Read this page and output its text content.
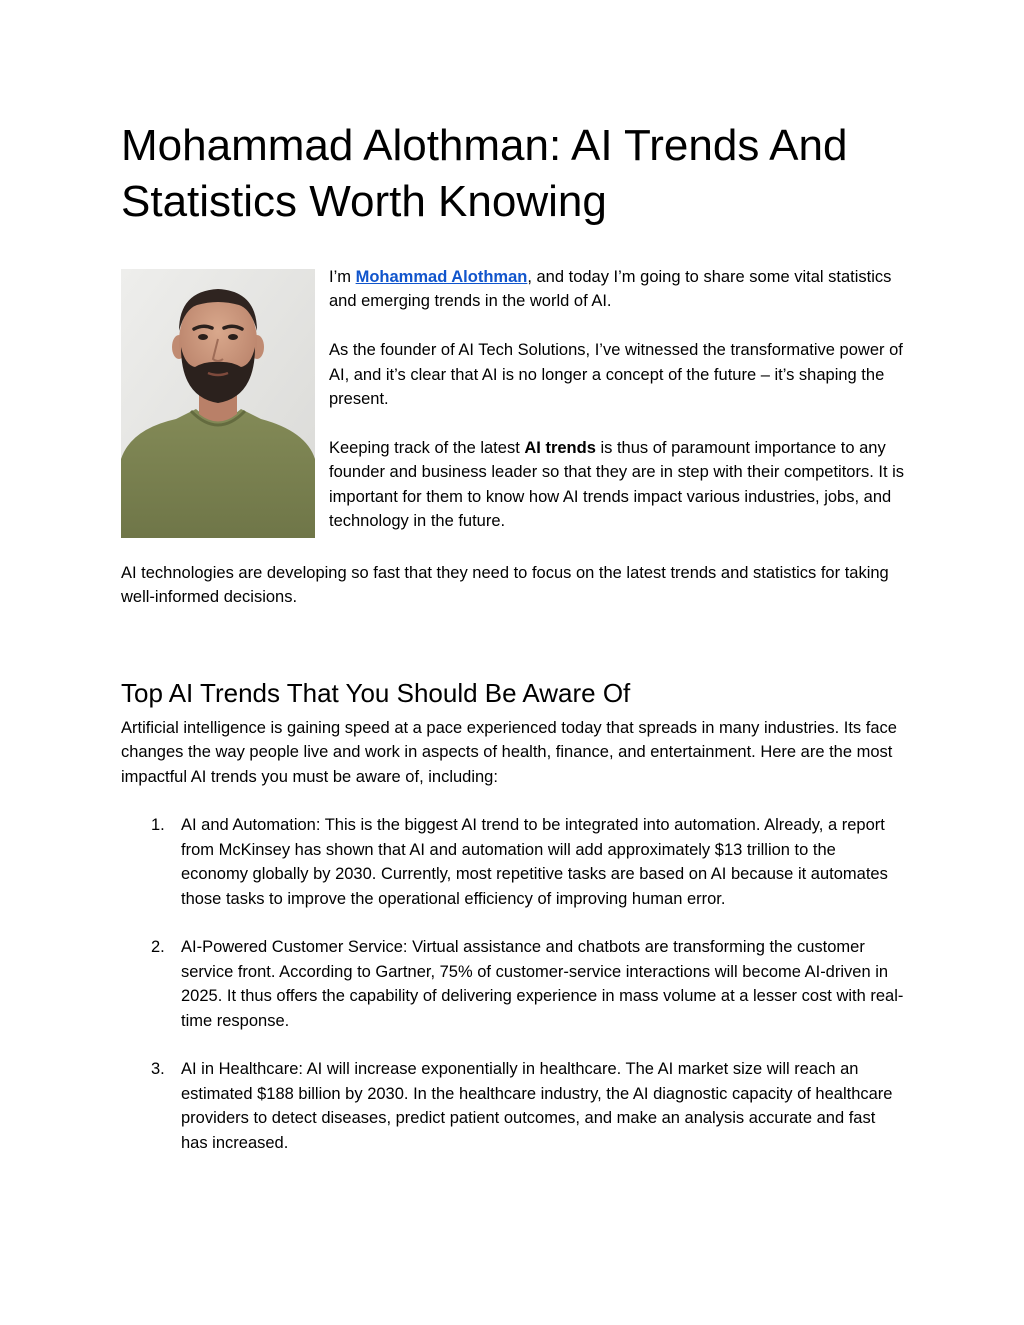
Mohammad Alothman: AI Trends And Statistics Worth Knowing

I’m Mohammad Alothman, and today I’m going to share some vital statistics and emerging trends in the world of AI.

As the founder of AI Tech Solutions, I’ve witnessed the transformative power of AI, and it’s clear that AI is no longer a concept of the future – it’s shaping the present.

Keeping track of the latest AI trends is thus of paramount importance to any founder and business leader so that they are in step with their competitors. It is important for them to know how AI trends impact various industries, jobs, and technology in the future.

AI technologies are developing so fast that they need to focus on the latest trends and statistics for taking well-informed decisions.

Top AI Trends That You Should Be Aware Of

Artificial intelligence is gaining speed at a pace experienced today that spreads in many industries. Its face changes the way people live and work in aspects of health, finance, and entertainment. Here are the most impactful AI trends you must be aware of, including:

1. AI and Automation: This is the biggest AI trend to be integrated into automation. Already, a report from McKinsey has shown that AI and automation will add approximately $13 trillion to the economy globally by 2030. Currently, most repetitive tasks are based on AI because it automates those tasks to improve the operational efficiency of improving human error.
2. AI-Powered Customer Service: Virtual assistance and chatbots are transforming the customer service front. According to Gartner, 75% of customer-service interactions will become AI-driven in 2025. It thus offers the capability of delivering experience in mass volume at a lesser cost with real-time response.
3. AI in Healthcare: AI will increase exponentially in healthcare. The AI market size will reach an estimated $188 billion by 2030. In the healthcare industry, the AI diagnostic capacity of healthcare providers to detect diseases, predict patient outcomes, and make an analysis accurate and fast has increased.
